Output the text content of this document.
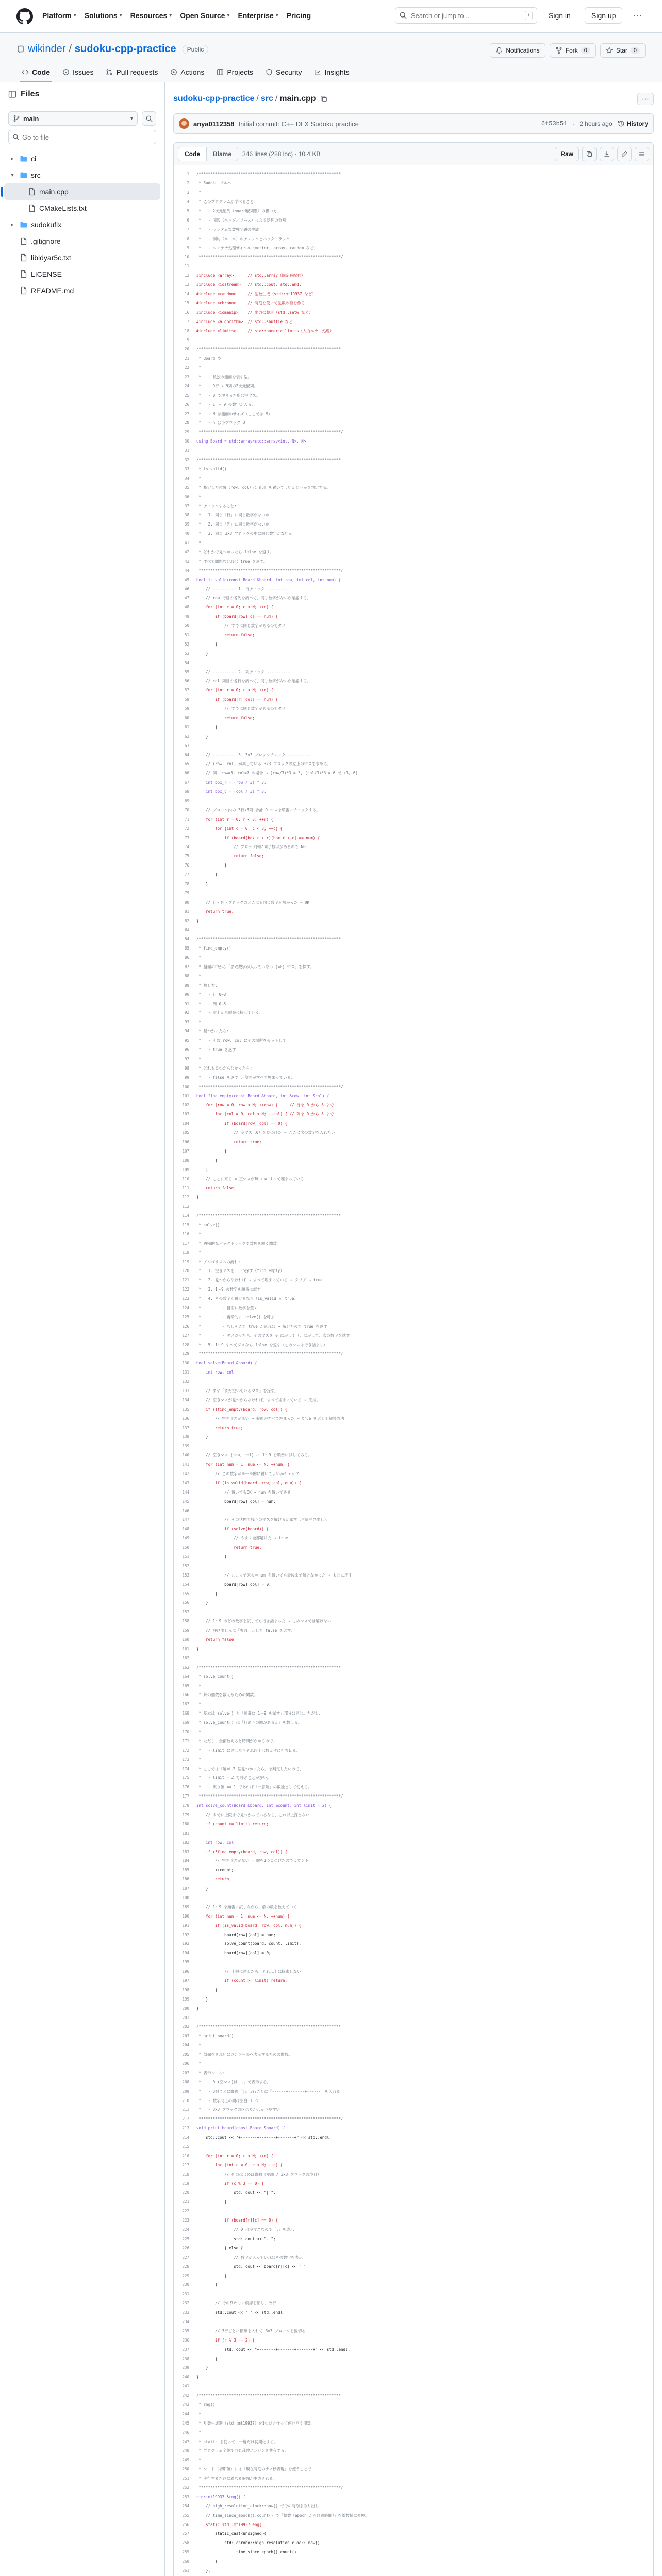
Platform ▾ Solutions ▾ Resources ▾ Open Source ▾ Enterprise ▾ Pricing
Search or jump to...	/	Sign in	Sign up	⋯
wikinder / sudoku-cpp-practice	Public	Notifications	Fork	0	Star	0
Code	Issues	Pull requests	Actions	Projects	Security	Insights
Files
main	▾
Go to file
▸	ci
▾	src
main.cpp
CMakeLists.txt
▸	sudokufix
.gitignore
libldyar5c.txt
LICENSE
README.md
sudoku-cpp-practice / src / main.cpp	⋯
anya0112358 Initial commit: C++ DLX Sudoku practice	6f53b51 · 2 hours ago History
Code	Blame	346 lines (288 loc) · 10.4 KB	Raw
1	/*************************************************************
2	* Sudoku ソルバ
3	*
4	* このプログラムが学べること:
5	*   - 2次元配列（board配列型）の扱い方
6	*   - 関数（ヘッダ／ソース）による処理の分割
7	*   - ランダムな数独問題の生成
8	*   - 制約（ルール）のチェックとバックトラック
9	*   - コンテナ処理サイクル（vector, array, random など）
10	*************************************************************/
11
12	#include <array>      // std::array（固定長配列）
13	#include <iostream>   // std::cout, std::endl
14	#include <random>     // 乱数生成（std::mt19937 など）
15	#include <chrono>     // 時刻を使って乱数の種を作る
16	#include <iomanip>    // 出力の整形（std::setw など）
17	#include <algorithm>  // std::shuffle など
18	#include <limits>     // std::numeric_limits（入力エラー処理）
19
20	/*************************************************************
21	* Board 型
22	*
23	*   - 数独の盤面を表す型。
24	*   - 9行 x 9列の2次元配列。
25	*   - 0 で埋まった所は空マス。
26	*   - 1 ～ 9 の数字が入る。
27	*   - N は盤面のサイズ（ここでは 9）
28	*   - n は小ブロック 3
29	*************************************************************/
30	using Board = std::array<std::array<int, N>, N>;
31
32	/*************************************************************
33	* is_valid()
34	*
35	* 指定した位置（row, col）に num を置いてよいかどうかを判定する。
36	*
37	* チェックすること:
38	*   1. 同じ「行」に同じ数字がないか
39	*   2. 同じ「列」に同じ数字がないか
40	*   3. 同じ 3x3 ブロックの中に同じ数字がないか
41	*
42	* どれかで見つかったら false を返す。
43	* すべて問題なければ true を返す。
44	*************************************************************/
45	bool is_valid(const Board &board, int row, int col, int num) {
46	// ---------- 1. 行チェック ----------
47	// row 行目の各列を調べて、同じ数字がないか確認する。
48	for (int c = 0; c < N; ++c) {
49	if (board[row][c] == num) {
50	// すでに同じ数字があるのでダメ
51	return false;
52	}
53	}
54
55	// ---------- 2. 列チェック ----------
56	// col 列目の各行を調べて、同じ数字がないか確認する。
57	for (int r = 0; r < N; ++r) {
58	if (board[r][col] == num) {
59	// すでに同じ数字があるのでダメ
60	return false;
61	}
62	}
63
64	// ---------- 3. 3x3 ブロックチェック ----------
65	// (row, col) が属している 3x3 ブロックの左上のマスを求める。
66	// 例: row=5, col=7 の場合 → (row/3)*3 = 3, (col/3)*3 = 6 で (3, 6)
67	int box_r = (row / 3) * 3;
68	int box_c = (col / 3) * 3;
69
70	// ブロック内の 3行x3列 合計 9 マスを順番にチェックする。
71	for (int r = 0; r < 3; ++r) {
72	for (int c = 0; c < 3; ++c) {
73	if (board[box_r + r][box_c + c] == num) {
74	// ブロック内に同じ数字があるので NG
75	return false;
76	}
77	}
78	}
79
80	// 行・列・ブロックのどこにも同じ数字が無かった → OK
81	return true;
82	}
83
84	/*************************************************************
85	* find_empty()
86	*
87	* 盤面の中から「まだ数字が入っていない (=0) マス」を探す。
88	*
89	* 探し方:
90	*   - 行 0→8
91	*   - 列 0→8
92	*   - 左上から順番に探していく。
93	*
94	* 見つかったら:
95	*   - 引数 row, col にその場所をセットして
96	*   - true を返す
97	*
98	* どれも見つからなかったら:
99	*   - false を返す（=盤面がすべて埋まっている）
100	*************************************************************/
101	bool find_empty(const Board &board, int &row, int &col) {
102	for (row = 0; row < N; ++row) {     // 行を 0 から 8 まで
103	for (col = 0; col < N; ++col) { // 列を 0 から 8 まで
104	if (board[row][col] == 0) {
105	// 空マス（0）を見つけた → ここに次の数字を入れたい
106	return true;
107	}
108	}
109	}
110	// ここに来る = 空マスが無い = すべて埋まっている
111	return false;
112	}
113
114	/*************************************************************
115	* solve()
116	*
117	* 再帰的なバックトラックで数独を解く関数。
118	*
119	* アルゴリズムの流れ:
120	*   1. 空きマスを 1 つ探す（find_empty）
121	*   2. 見つからなければ → すべて埋まっている → クリア → true
122	*   3. 1～9 の数字を順番に試す
123	*   4. その数字が置けるなら（is_valid が true）
124	*         - 盤面に数字を置く
125	*         - 再帰的に solve() を呼ぶ
126	*         - もしそこで true が返れば → 解けたので true を返す
127	*         - ダメだったら、そのマスを 0 に戻して（元に戻して）次の数字を試す
128	*   5. 1～9 すべてダメなら false を返す（このマスは行き詰まり）
129	*************************************************************/
130	bool solve(Board &board) {
131	int row, col;
132
133	// まず「まだ空いているマス」を探す。
134	// 空きマスが見つからなければ、すべて埋まっている → 完成。
135	if (!find_empty(board, row, col)) {
136	// 空きマスが無い → 盤面がすべて埋まった → true を返して解答成功
137	return true;
138	}
139
140	// 空きマス (row, col) に 1～9 を順番に試してみる。
141	for (int num = 1; num <= N; ++num) {
142	// この数字がルール的に置いてよいかチェック
143	if (is_valid(board, row, col, num)) {
144	// 置いてもOK → num を置いてみる
145	board[row][col] = num;
146
147	// その状態で残りのマスを解けるか試す（再帰呼び出し）。
148	if (solve(board)) {
149	// うまく全部解けた → true
150	return true;
151	}
152
153	// ここまで来る＝num を置いても最後まで解けなかった → もとに戻す
154	board[row][col] = 0;
155	}
156	}
157
158	// 1～9 のどの数字を試しても行き詰まった → このマスでは解けない
159	// 呼び出し元に「失敗」として false を返す。
160	return false;
161	}
162
163	/*************************************************************
164	* solve_count()
165	*
166	* 解の個数を数えるための関数。
167	*
168	* 基本は solve() と「順番に 1～9 を試す」部分は同じ。ただし、
169	* solve_count() は「何通りの解があるか」を数える。
170	*
171	* ただし、全部数えると時間がかかるので、
172	*   - limit に達したらそれ以上は数えずに打ち切る。
173	*
174	* ここでは「解が 2 個見つかったら」を判定したいので、
175	*   - limit = 2 で呼ぶことが多い。
176	*   - 戻り値 == 1 であれば「一意解」の数独として使える。
177	*************************************************************/
178	int solve_count(Board &board, int &count, int limit = 2) {
179	// すでに上限まで見つかっているなら、これ以上探さない
180	if (count >= limit) return;
181
182	int row, col;
183	if (!find_empty(board, row, col)) {
184	// 空きマスがない = 解を1つ見つけたのでカウント
185	++count;
186	return;
187	}
188
189	// 1～9 を順番に試しながら、解の数を数えていく
190	for (int num = 1; num <= N; ++num) {
191	if (is_valid(board, row, col, num)) {
192	board[row][col] = num;
193	solve_count(board, count, limit);
194	board[row][col] = 0;
195
196	// 上限に達したら、それ以上は探索しない
197	if (count >= limit) return;
198	}
199	}
200	}
201
202	/*************************************************************
203	* print_board()
204	*
205	* 盤面をきれいにコンソールへ表示するための関数。
206	*
207	* 表示ルール:
208	*   - 0 (空マス)は「.」で表示する。
209	*   - 3列ごとに縦線「|」、3行ごとに「------+-------+------」を入れる
210	*   - 数字同士の間は空白 1 つ
211	*   - 3x3 ブロックの区切りがわかりやすい
212	*************************************************************/
213	void print_board(const Board &board) {
214	std::cout << "+-------+-------+-------+" << std::endl;
215
216	for (int r = 0; r < N; ++r) {
217	for (int c = 0; c < N; ++c) {
218	// 列のはじめは縦線（左端 / 3x3 ブロックの境目）
219	if (c % 3 == 0) {
220	std::cout << "| ";
221	}
222
223	if (board[r][c] == 0) {
224	// 0 は空マスなので「.」を表示
225	std::cout << ". ";
226	} else {
227	// 数字が入っていればその数字を表示
228	std::cout << board[r][c] << ' ';
229	}
230	}
231
232	// 行の終わりに縦線を閉じ、改行
233	std::cout << "|" << std::endl;
234
235	// 3行ごとに横線を入れて 3x3 ブロックを区切る
236	if (r % 3 == 2) {
237	std::cout << "+-------+-------+-------+" << std::endl;
238	}
239	}
240	}
241
242	/*************************************************************
243	* rng()
244	*
245	* 乱数生成器（std::mt19937）を1つだけ作って使い回す関数。
246	*
247	* static を使って、一度だけ初期化する。
248	* プログラム全体で同じ乱数エンジンを共有する。
249	*
250	* シード（初期値）には「現在時刻のナノ秒表現」を使うことで、
251	* 実行するたびに異なる盤面が生成される。
252	*************************************************************/
253	std::mt19937 &rng() {
254	// high_resolution_clock::now() で今の時刻を取り出し、
255	// time_since_epoch().count() で「整数（epoch から経過時間）」を整数値に変換。
256	static std::mt19937 eng{
257	static_cast<unsigned>(
258	std::chrono::high_resolution_clock::now()
259	.time_since_epoch().count()
260	)
261	};
